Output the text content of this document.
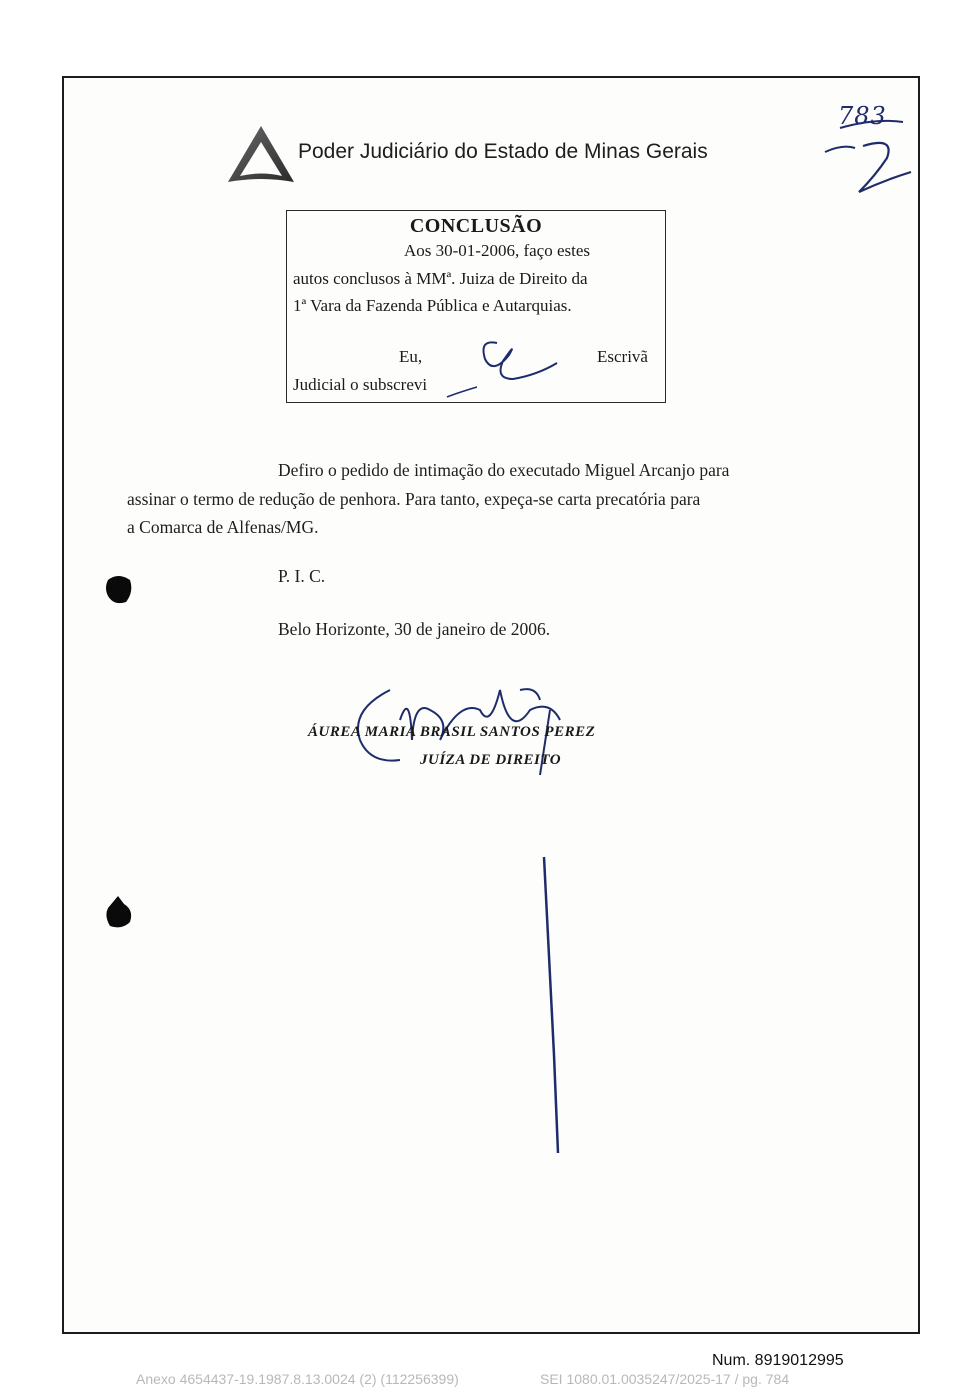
Poder Judiciário do Estado de Minas Gerais
783
CONCLUSÃO
Aos 30-01-2006, faço estes
autos conclusos à MMª. Juiza de Direito da
1ª Vara da Fazenda Pública e Autarquias.
Eu,	Escrivã
Judicial o subscrevi
Defiro o pedido de intimação do executado Miguel Arcanjo para
assinar o termo de redução de penhora. Para tanto, expeça-se carta precatória para
a Comarca de Alfenas/MG.
P. I. C.
Belo Horizonte, 30 de janeiro de 2006.
ÁUREA MARIA BRASIL SANTOS PEREZ
JUÍZA DE DIREITO
Num. 8919012995
Anexo 4654437-19.1987.8.13.0024 (2) (112256399)	SEI 1080.01.0035247/2025-17 / pg. 784
